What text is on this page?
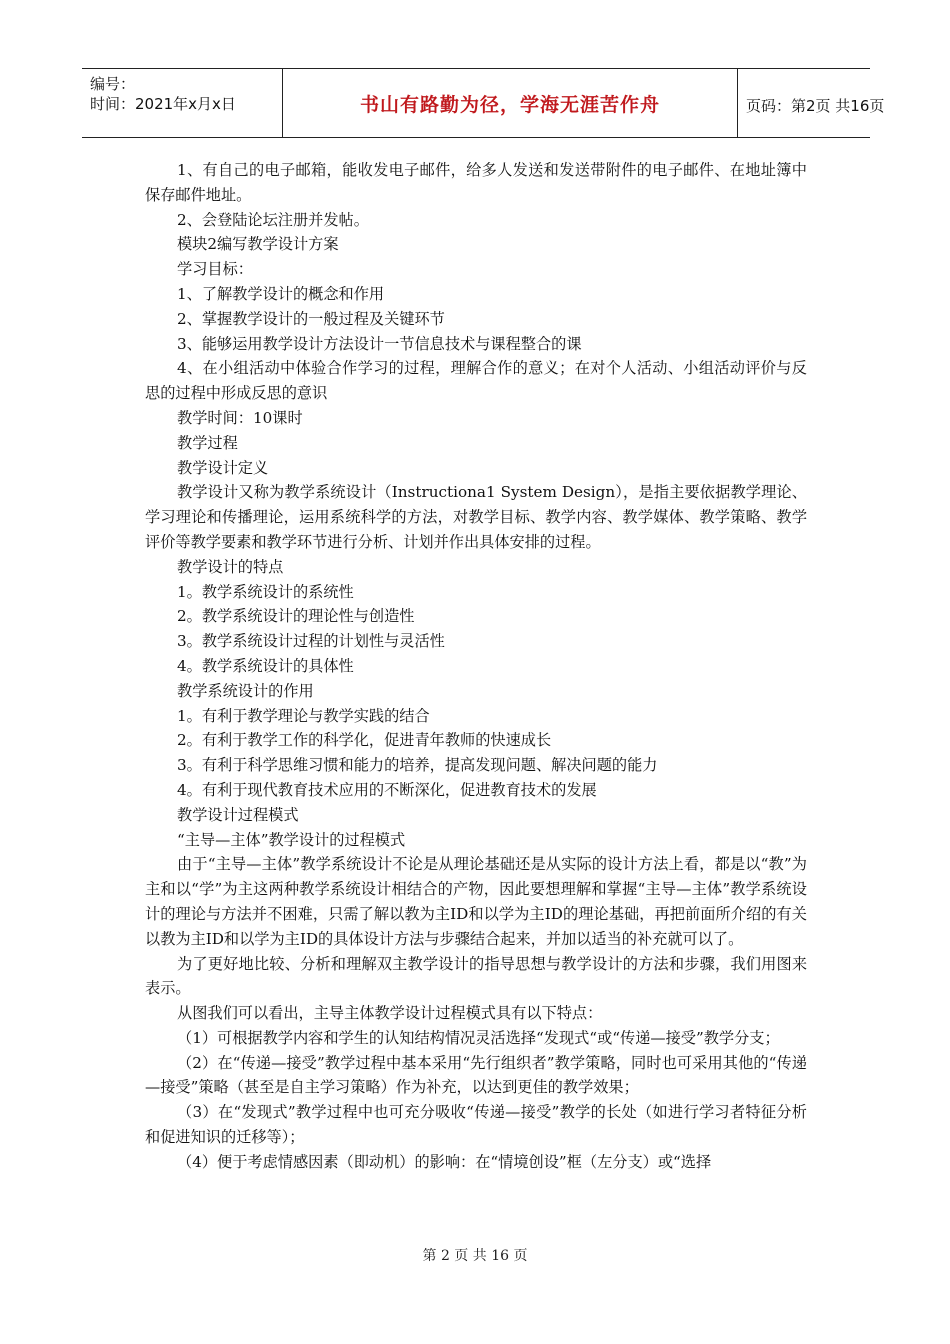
编号：
时间：2021年x月x日	书山有路勤为径，学海无涯苦作舟	页码：第2页 共16页

1、有自己的电子邮箱，能收发电子邮件，给多人发送和发送带附件的电子邮件、在地址簿中保存邮件地址。

2、会登陆论坛注册并发帖。

模块2编写教学设计方案

学习目标：

1、了解教学设计的概念和作用

2、掌握教学设计的一般过程及关键环节

3、能够运用教学设计方法设计一节信息技术与课程整合的课

4、在小组活动中体验合作学习的过程，理解合作的意义；在对个人活动、小组活动评价与反思的过程中形成反思的意识

教学时间：10课时

教学过程

教学设计定义

教学设计又称为教学系统设计（Instructiona1 System Design），是指主要依据教学理论、学习理论和传播理论，运用系统科学的方法，对教学目标、教学内容、教学媒体、教学策略、教学评价等教学要素和教学环节进行分析、计划并作出具体安排的过程。

教学设计的特点

1。教学系统设计的系统性

2。教学系统设计的理论性与创造性

3。教学系统设计过程的计划性与灵活性

4。教学系统设计的具体性

教学系统设计的作用

1。有利于教学理论与教学实践的结合

2。有利于教学工作的科学化，促进青年教师的快速成长

3。有利于科学思维习惯和能力的培养，提高发现问题、解决问题的能力

4。有利于现代教育技术应用的不断深化，促进教育技术的发展

教学设计过程模式

“主导—主体”教学设计的过程模式

由于“主导—主体”教学系统设计不论是从理论基础还是从实际的设计方法上看，都是以“教”为主和以“学”为主这两种教学系统设计相结合的产物，因此要想理解和掌握“主导—主体”教学系统设计的理论与方法并不困难，只需了解以教为主ID和以学为主ID的理论基础，再把前面所介绍的有关以教为主ID和以学为主ID的具体设计方法与步骤结合起来，并加以适当的补充就可以了。

为了更好地比较、分析和理解双主教学设计的指导思想与教学设计的方法和步骤，我们用图来表示。

从图我们可以看出，主导主体教学设计过程模式具有以下特点：

（1）可根据教学内容和学生的认知结构情况灵活选择“发现式“或“传递—接受”教学分支；

（2）在“传递—接受”教学过程中基本采用“先行组织者”教学策略，同时也可采用其他的“传递—接受”策略（甚至是自主学习策略）作为补充，以达到更佳的教学效果；

（3）在“发现式”教学过程中也可充分吸收“传递—接受”教学的长处（如进行学习者特征分析和促进知识的迁移等）；

（4）便于考虑情感因素（即动机）的影响：在“情境创设”框（左分支）或“选择

第 2 页 共 16 页
